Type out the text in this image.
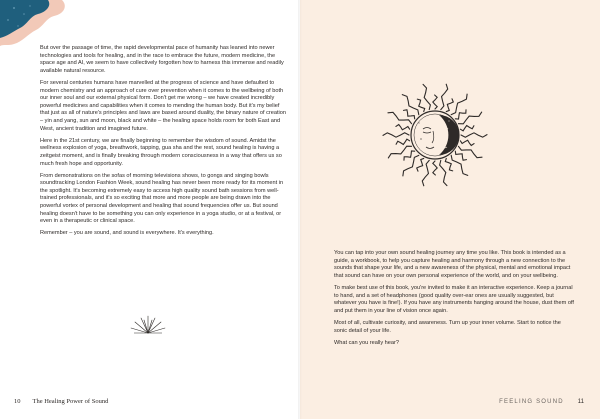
But over the passage of time, the rapid developmental pace of humanity has leaned into newer technologies and tools for healing, and in the race to embrace the future, modern medicine, the space age and AI, we seem to have collectively forgotten how to harness this immense and readily available natural resource.

For several centuries humans have marvelled at the progress of science and have defaulted to modern chemistry and an approach of cure over prevention when it comes to the wellbeing of both our inner soul and our external physical form. Don't get me wrong – we have created incredibly powerful medicines and capabilities when it comes to mending the human body. But it's my belief that just as all of nature's principles and laws are based around duality, the binary nature of creation – yin and yang, sun and moon, black and white – the healing space holds room for both East and West, ancient tradition and imagined future.

Here in the 21st century, we are finally beginning to remember the wisdom of sound. Amidst the wellness explosion of yoga, breathwork, tapping, gua sha and the rest, sound healing is having a zeitgeist moment, and is finally breaking through modern consciousness in a way that offers us so much fresh hope and opportunity.

From demonstrations on the sofas of morning televisions shows, to gongs and singing bowls soundtracking London Fashion Week, sound healing has never been more ready for its moment in the spotlight. It's becoming extremely easy to access high quality sound bath sessions from well-trained professionals, and it's so exciting that more and more people are being drawn into the powerful vortex of personal development and healing that sound frequencies offer us. But sound healing doesn't have to be something you can only experience in a yoga studio, or at a festival, or even in a therapeutic or clinical space.

Remember – you are sound, and sound is everywhere. It's everything.

10 The Healing Power of Sound	FEELING SOUND 11

You can tap into your own sound healing journey any time you like. This book is intended as a guide, a workbook, to help you capture healing and harmony through a new connection to the sounds that shape your life, and a new awareness of the physical, mental and emotional impact that sound can have on your own personal experience of the world, and on your wellbeing.

To make best use of this book, you're invited to make it an interactive experience. Keep a journal to hand, and a set of headphones (good quality over-ear ones are usually suggested, but whatever you have is fine!). If you have any instruments hanging around the house, dust them off and put them in your line of vision once again.

Most of all, cultivate curiosity, and awareness. Turn up your inner volume. Start to notice the sonic detail of your life.

What can you really hear?
